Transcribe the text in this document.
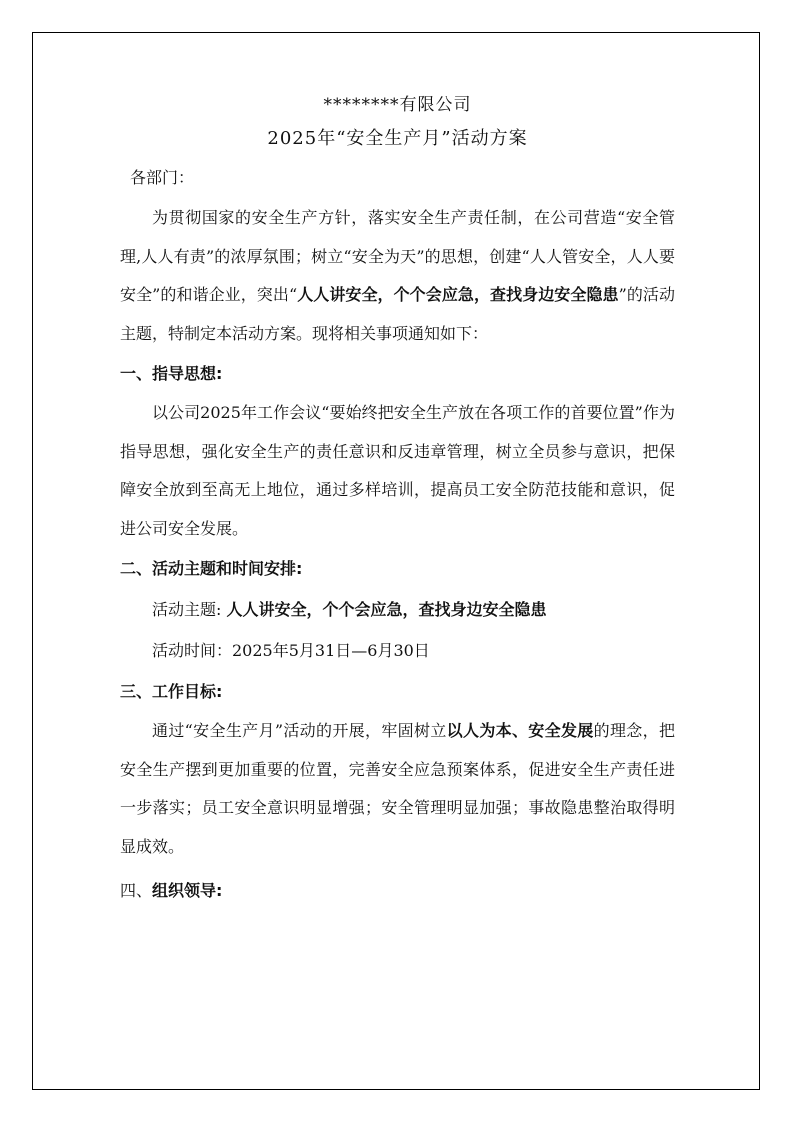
********有限公司
2025年“安全生产月”活动方案

各部门：

为贯彻国家的安全生产方针，落实安全生产责任制，在公司营造“安全管理,人人有责”的浓厚氛围；树立“安全为天”的思想，创建“人人管安全，人人要安全”的和谐企业，突出“人人讲安全，个个会应急，查找身边安全隐患”的活动主题，特制定本活动方案。现将相关事项通知如下：

一、指导思想:

以公司2025年工作会议“要始终把安全生产放在各项工作的首要位置”作为指导思想，强化安全生产的责任意识和反违章管理，树立全员参与意识，把保障安全放到至高无上地位，通过多样培训，提高员工安全防范技能和意识，促进公司安全发展。

二、活动主题和时间安排:

活动主题: 人人讲安全，个个会应急，查找身边安全隐患

活动时间：2025年5月31日—6月30日

三、工作目标:

通过“安全生产月”活动的开展，牢固树立以人为本、安全发展的理念，把安全生产摆到更加重要的位置，完善安全应急预案体系，促进安全生产责任进一步落实；员工安全意识明显增强；安全管理明显加强；事故隐患整治取得明显成效。

四、组织领导:
